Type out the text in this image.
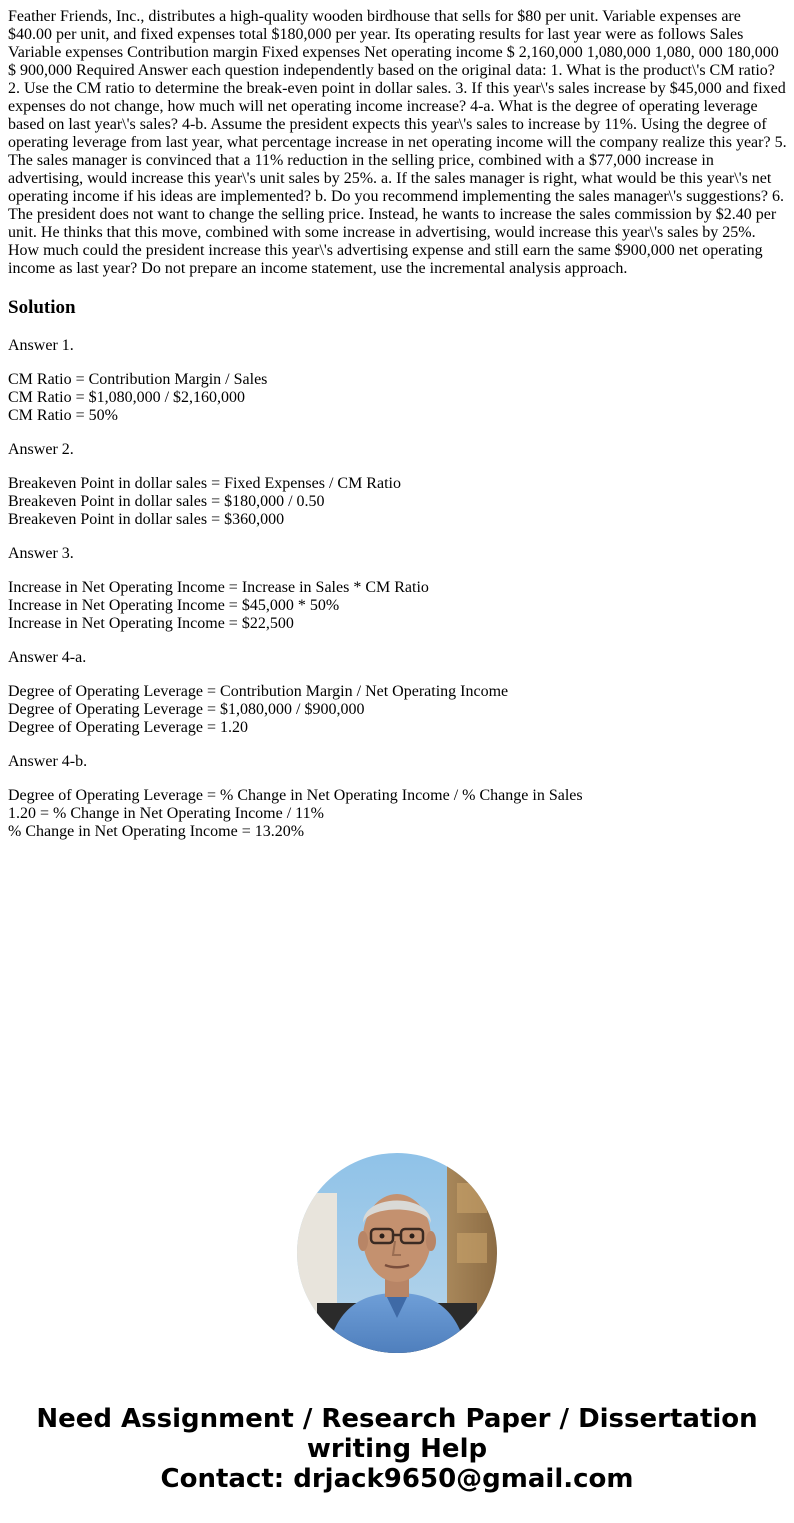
Feather Friends, Inc., distributes a high-quality wooden birdhouse that sells for $80 per unit. Variable expenses are $40.00 per unit, and fixed expenses total $180,000 per year. Its operating results for last year were as follows Sales Variable expenses Contribution margin Fixed expenses Net operating income $ 2,160,000 1,080,000 1,080, 000 180,000 $ 900,000 Required Answer each question independently based on the original data: 1. What is the product\'s CM ratio? 2. Use the CM ratio to determine the break-even point in dollar sales. 3. If this year\'s sales increase by $45,000 and fixed expenses do not change, how much will net operating income increase? 4-a. What is the degree of operating leverage based on last year\'s sales? 4-b. Assume the president expects this year\'s sales to increase by 11%. Using the degree of operating leverage from last year, what percentage increase in net operating income will the company realize this year? 5. The sales manager is convinced that a 11% reduction in the selling price, combined with a $77,000 increase in advertising, would increase this year\'s unit sales by 25%. a. If the sales manager is right, what would be this year\'s net operating income if his ideas are implemented? b. Do you recommend implementing the sales manager\'s suggestions? 6. The president does not want to change the selling price. Instead, he wants to increase the sales commission by $2.40 per unit. He thinks that this move, combined with some increase in advertising, would increase this year\'s sales by 25%. How much could the president increase this year\'s advertising expense and still earn the same $900,000 net operating income as last year? Do not prepare an income statement, use the incremental analysis approach.

Solution
Answer 1.
CM Ratio = Contribution Margin / Sales
CM Ratio = $1,080,000 / $2,160,000
CM Ratio = 50%
Answer 2.
Breakeven Point in dollar sales = Fixed Expenses / CM Ratio
Breakeven Point in dollar sales = $180,000 / 0.50
Breakeven Point in dollar sales = $360,000
Answer 3.
Increase in Net Operating Income = Increase in Sales * CM Ratio
Increase in Net Operating Income = $45,000 * 50%
Increase in Net Operating Income = $22,500
Answer 4-a.
Degree of Operating Leverage = Contribution Margin / Net Operating Income
Degree of Operating Leverage = $1,080,000 / $900,000
Degree of Operating Leverage = 1.20
Answer 4-b.
Degree of Operating Leverage = % Change in Net Operating Income / % Change in Sales
1.20 = % Change in Net Operating Income / 11%
% Change in Net Operating Income = 13.20%
Need Assignment / Research Paper / Dissertation
writing Help
Contact: drjack9650@gmail.com
